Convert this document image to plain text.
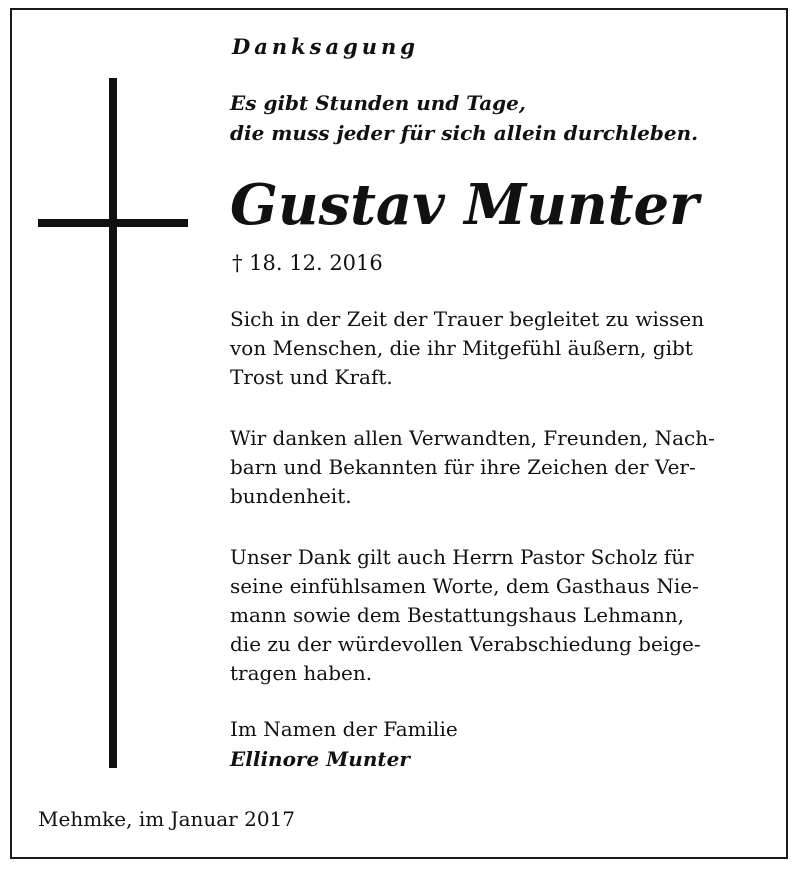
Danksagung

Es gibt Stunden und Tage,
die muss jeder für sich allein durchleben.

Gustav Munter

† 18. 12. 2016

Sich in der Zeit der Trauer begleitet zu wissen
von Menschen, die ihr Mitgefühl äußern, gibt
Trost und Kraft.

Wir danken allen Verwandten, Freunden, Nach-
barn und Bekannten für ihre Zeichen der Ver-
bundenheit.

Unser Dank gilt auch Herrn Pastor Scholz für
seine einfühlsamen Worte, dem Gasthaus Nie-
mann sowie dem Bestattungshaus Lehmann,
die zu der würdevollen Verabschiedung beige-
tragen haben.

Im Namen der Familie

Ellinore Munter

Mehmke, im Januar 2017
